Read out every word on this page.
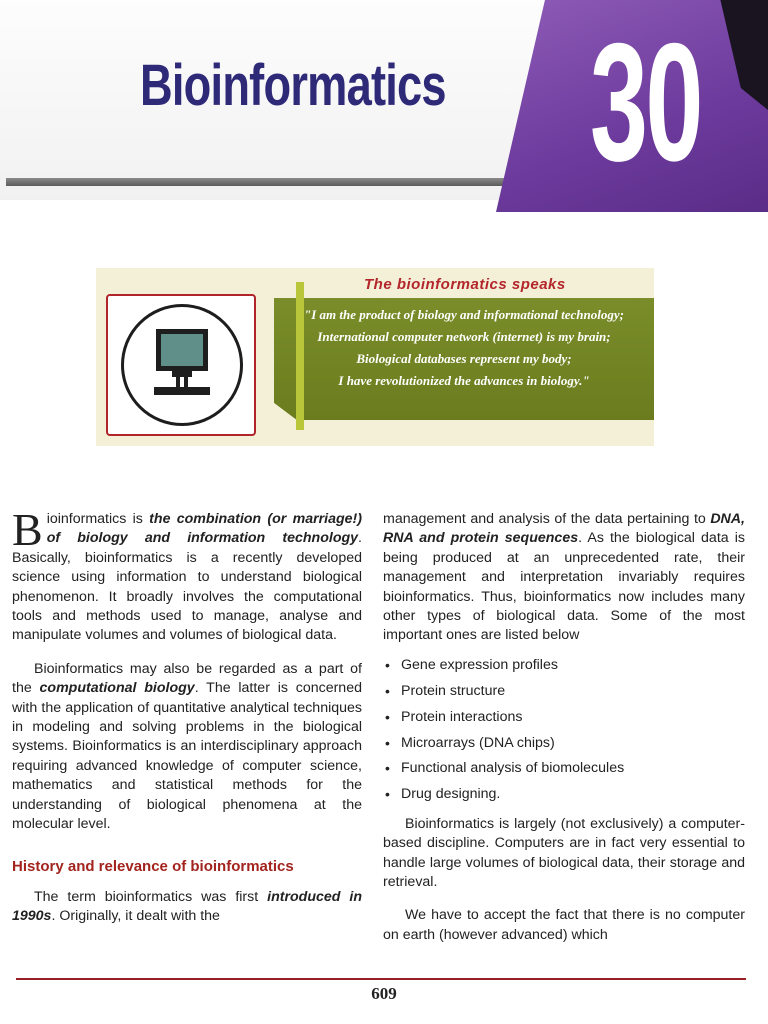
Bioinformatics 30
The bioinformatics speaks
"I am the product of biology and informational technology;
International computer network (internet) is my brain;
Biological databases represent my body;
I have revolutionized the advances in biology."

Bioinformatics is the combination (or marriage!) of biology and information technology. Basically, bioinformatics is a recently developed science using information to understand biological phenomenon. It broadly involves the computational tools and methods used to manage, analyse and manipulate volumes and volumes of biological data.

Bioinformatics may also be regarded as a part of the computational biology. The latter is concerned with the application of quantitative analytical techniques in modeling and solving problems in the biological systems. Bioinformatics is an interdisciplinary approach requiring advanced knowledge of computer science, mathematics and statistical methods for the understanding of biological phenomena at the molecular level.

History and relevance of bioinformatics

The term bioinformatics was first introduced in 1990s. Originally, it dealt with the

management and analysis of the data pertaining to DNA, RNA and protein sequences. As the biological data is being produced at an unprecedented rate, their management and interpretation invariably requires bioinformatics. Thus, bioinformatics now includes many other types of biological data. Some of the most important ones are listed below

• Gene expression profiles
• Protein structure
• Protein interactions
• Microarrays (DNA chips)
• Functional analysis of biomolecules
• Drug designing.

Bioinformatics is largely (not exclusively) a computer-based discipline. Computers are in fact very essential to handle large volumes of biological data, their storage and retrieval.

We have to accept the fact that there is no computer on earth (however advanced) which

609
